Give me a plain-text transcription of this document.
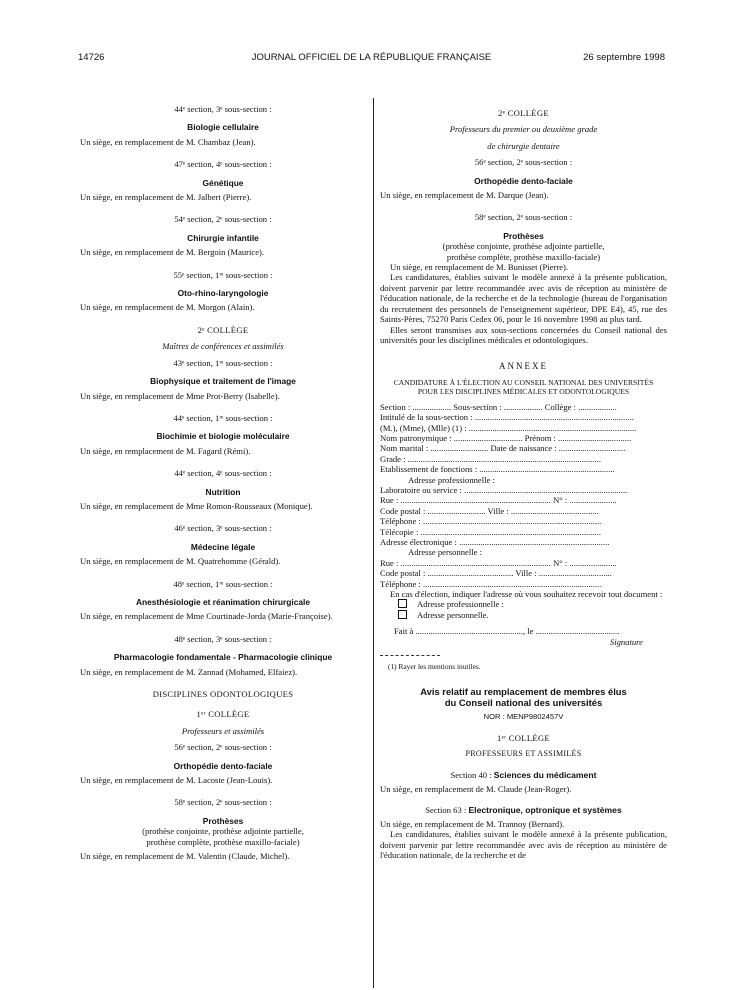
14726	JOURNAL OFFICIEL DE LA RÉPUBLIQUE FRANÇAISE	26 septembre 1998

44ᵉ section, 3ᵉ sous-section :

Biologie cellulaire

Un siège, en remplacement de M. Chambaz (Jean).

47ᵉ section, 4ᵉ sous-section :

Génétique

Un siège, en remplacement de M. Jalbert (Pierre).

54ᵉ section, 2ᵉ sous-section :

Chirurgie infantile

Un siège, en remplacement de M. Bergoin (Maurice).

55ᵉ section, 1ʳᵉ sous-section :

Oto-rhino-laryngologie

Un siège, en remplacement de M. Morgon (Alain).

2ᵉ COLLÈGE

Maîtres de conférences et assimilés

43ᵉ section, 1ʳᵉ sous-section :

Biophysique et traitement de l'image

Un siège, en remplacement de Mme Prot-Berry (Isabelle).

44ᵉ section, 1ʳᵉ sous-section :

Biochimie et biologie moléculaire

Un siège, en remplacement de M. Fagard (Rémi).

44ᵉ section, 4ᵉ sous-section :

Nutrition

Un siège, en remplacement de Mme Romon-Rousseaux (Monique).

46ᵉ section, 3ᵉ sous-section :

Médecine légale

Un siège, en remplacement de M. Quatrehomme (Gérald).

48ᵉ section, 1ʳᵉ sous-section :

Anesthésiologie et réanimation chirurgicale

Un siège, en remplacement de Mme Courtinade-Jorda (Marie-Françoise).

48ᵉ section, 3ᵉ sous-section :

Pharmacologie fondamentale - Pharmacologie clinique

Un siège, en remplacement de M. Zannad (Mohamed, Elfaiez).

DISCIPLINES ODONTOLOGIQUES

1ᵉʳ COLLÈGE

Professeurs et assimilés

56ᵉ section, 2ᵉ sous-section :

Orthopédie dento-faciale

Un siège, en remplacement de M. Lacoste (Jean-Louis).

58ᵉ section, 2ᵉ sous-section :

Prothèses

(prothèse conjointe, prothèse adjointe partielle,

prothèse complète, prothèse maxillo-faciale)

Un siège, en remplacement de M. Valentin (Claude, Michel).

2ᵉ COLLÈGE

Professeurs du premier ou deuxième grade

de chirurgie dentaire

56ᵉ section, 2ᵉ sous-section :

Orthopédie dento-faciale

Un siège, en remplacement de M. Darque (Jean).

58ᵉ section, 2ᵉ sous-section :

Prothèses

(prothèse conjointe, prothèse adjointe partielle,

prothèse complète, prothèse maxillo-faciale)

Un siège, en remplacement de M. Bunisset (Pierre).

Les candidatures, établies suivant le modèle annexé à la présente publication, doivent parvenir par lettre recommandée avec avis de réception au ministère de l'éducation nationale, de la recherche et de la technologie (bureau de l'organisation du recrutement des personnels de l'enseignement supérieur, DPE E4), 45, rue des Saints-Pères, 75270 Paris Cedex 06, pour le 16 novembre 1998 au plus tard.

Elles seront transmises aux sous-sections concernées du Conseil national des universités pour les disciplines médicales et odontologiques.

ANNEXE

CANDIDATURE À L'ÉLECTION AU CONSEIL NATIONAL DES UNIVERSITÉS

POUR LES DISCIPLINES MÉDICALES ET ODONTOLOGIQUES

Section : .................. Sous-section : .................. Collège : ..................

Intitulé de la sous-section : ..........................................................................

(M.), (Mme), (Mlle) (1) : ..............................................................................

Nom patronymique : ................................ Prénom : ..................................

Nom marital : ........................... Date de naissance : ...............................

Grade : ..........................................................................................

Etablissement de fonctions : ...............................................................

Adresse professionnelle :

Laboratoire ou service : ............................................................................

Rue : ...................................................................... N° : ......................

Code postal : ........................... Ville : .........................................

Téléphone : ...................................................................................

Télécopie : ....................................................................................

Adresse électronique : ......................................................................

Adresse personnelle :

Rue : ...................................................................... N° : ......................

Code postal : ........................................ Ville : ..................................

Téléphone : ...................................................................................

En cas d'élection, indiquer l'adresse où vous souhaitez recevoir tout document :

Adresse professionnelle :
Adresse personnelle.

Fait à .................................................., le .......................................

Signature

(1) Rayer les mentions inutiles.

Avis relatif au remplacement de membres élus

du Conseil national des universités

NOR : MENP9802457V

1ᵉʳ COLLÈGE

PROFESSEURS ET ASSIMILÉS

Section 40 : Sciences du médicament

Un siège, en remplacement de M. Claude (Jean-Roger).

Section 63 : Electronique, optronique et systèmes

Un siège, en remplacement de M. Trannoy (Bernard).

Les candidatures, établies suivant le modèle annexé à la présente publication, doivent parvenir par lettre recommandée avec avis de réception au ministère de l'éducation nationale, de la recherche et de
